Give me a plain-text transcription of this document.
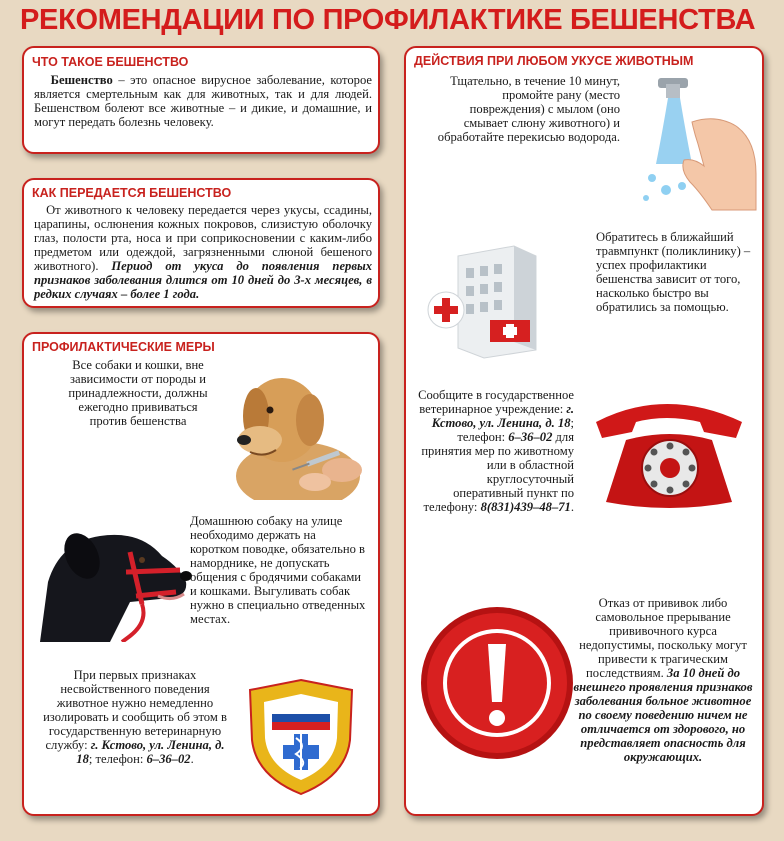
РЕКОМЕНДАЦИИ ПО ПРОФИЛАКТИКЕ БЕШЕНСТВА
ЧТО ТАКОЕ БЕШЕНСТВО
Бешенство – это опасное вирусное заболевание, которое является смертельным как для животных, так и для людей. Бешенством болеют все животные – и дикие, и домашние, и могут передать болезнь человеку.
КАК ПЕРЕДАЕТСЯ БЕШЕНСТВО
От животного к человеку передается через укусы, ссадины, царапины, ослюнения кожных покровов, слизистую оболочку глаз, полости рта, носа и при соприкосновении с каким-либо предметом или одеждой, загрязненными слюной бешеного животного). Период от укуса до появления первых признаков заболевания длится от 10 дней до 3-х месяцев, в редких случаях – более 1 года.
ПРОФИЛАКТИЧЕСКИЕ МЕРЫ
Все собаки и кошки, вне зависимости от породы и принадлежности, должны ежегодно прививаться против бешенства
Домашнюю собаку на улице необходимо держать на коротком поводке, обязательно в наморднике, не допускать общения с бродячими собаками и кошками. Выгуливать собак нужно в специально отведенных местах.
При первых признаках несвойственного поведения животное нужно немедленно изолировать и сообщить об этом в государственную ветеринарную службу: г. Кстово, ул. Ленина, д. 18; телефон: 6–36–02.
ДЕЙСТВИЯ ПРИ ЛЮБОМ УКУСЕ ЖИВОТНЫМ
Тщательно, в течение 10 минут, промойте рану (место повреждения) с мылом (оно смывает слюну животного) и обработайте перекисью водорода.
Обратитесь в ближайший травмпункт (поликлинику) – успех профилактики бешенства зависит от того, насколько быстро вы обратились за помощью.
Сообщите в государственное ветеринарное учреждение: г. Кстово, ул. Ленина, д. 18; телефон: 6–36–02 для принятия мер по животному или в областной круглосуточный оперативный пункт по телефону: 8(831)439–48–71.
Отказ от прививок либо самовольное прерывание прививочного курса недопустимы, поскольку могут привести к трагическим последствиям. За 10 дней до внешнего проявления признаков заболевания больное животное по своему поведению ничем не отличается от здорового, но представляет опасность для окружающих.
